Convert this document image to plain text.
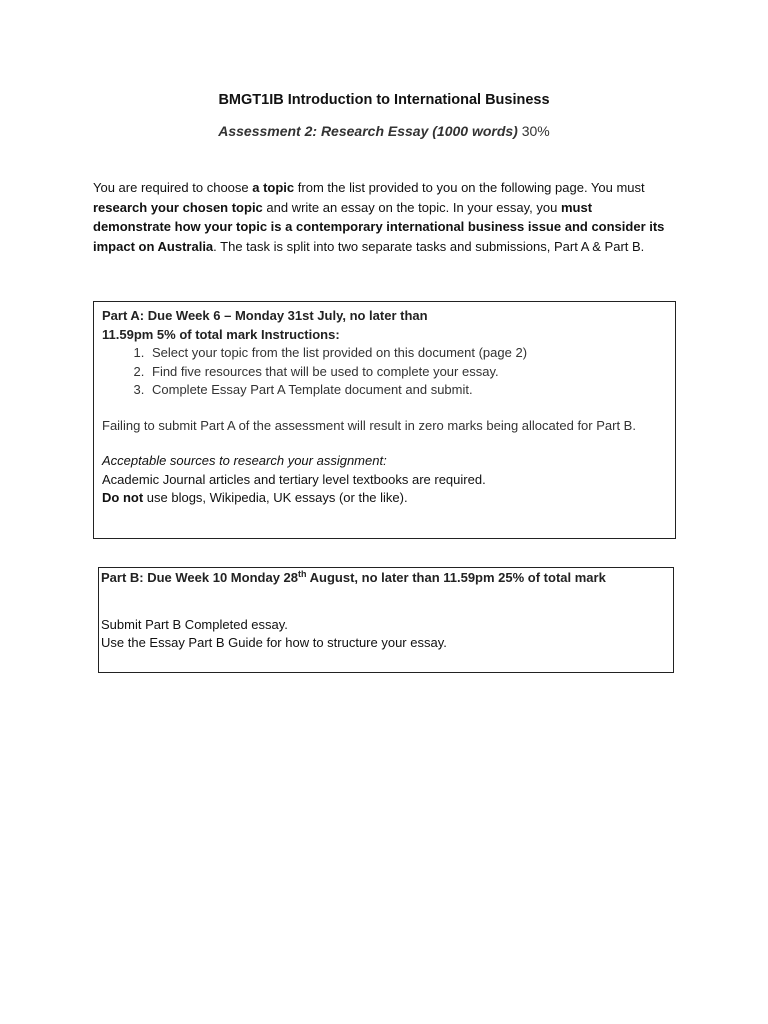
BMGT1IB Introduction to International Business
Assessment 2: Research Essay (1000 words) 30%
You are required to choose a topic from the list provided to you on the following page. You must research your chosen topic and write an essay on the topic. In your essay, you must demonstrate how your topic is a contemporary international business issue and consider its impact on Australia. The task is split into two separate tasks and submissions, Part A & Part B.
Part A: Due Week 6 – Monday 31st July, no later than
11.59pm 5% of total mark Instructions:
1. Select your topic from the list provided on this document (page 2)
2. Find five resources that will be used to complete your essay.
3. Complete Essay Part A Template document and submit.
Failing to submit Part A of the assessment will result in zero marks being allocated for Part B.
Acceptable sources to research your assignment:
Academic Journal articles and tertiary level textbooks are required.
Do not use blogs, Wikipedia, UK essays (or the like).
Part B: Due Week 10 Monday 28th August, no later than 11.59pm 25% of total mark
Submit Part B Completed essay.
Use the Essay Part B Guide for how to structure your essay.
